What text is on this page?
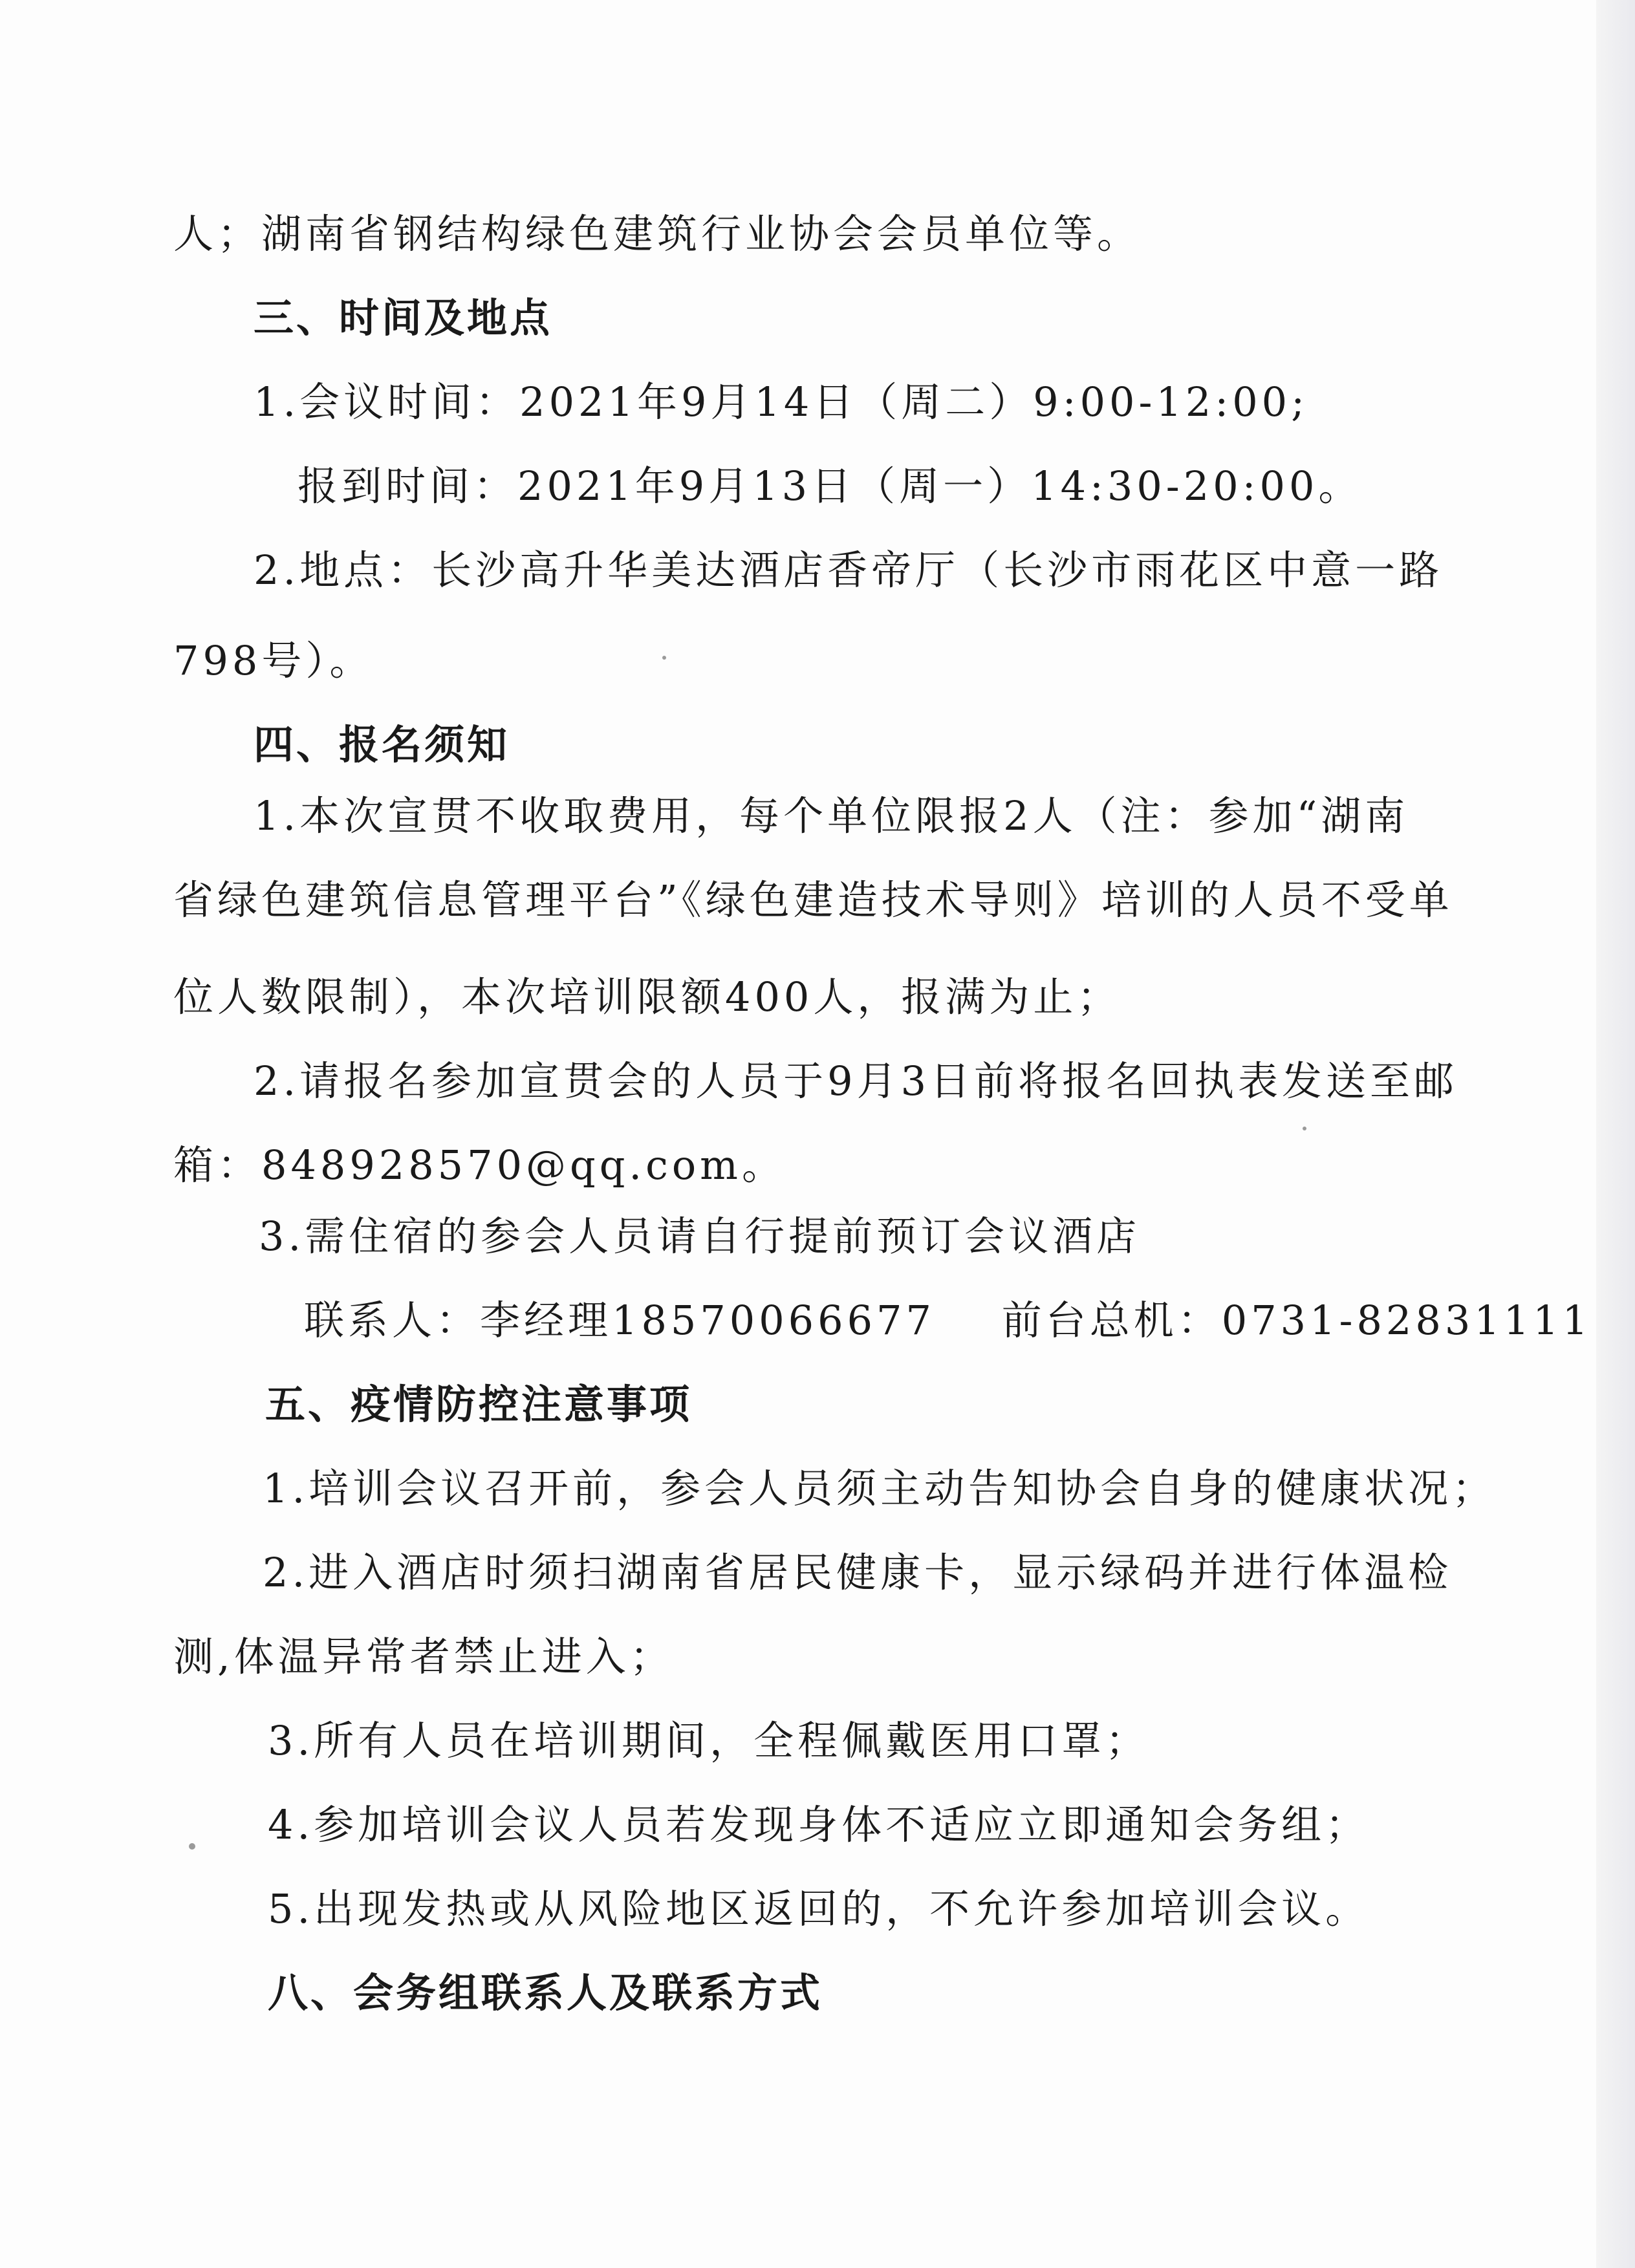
人；湖南省钢结构绿色建筑行业协会会员单位等。
三、时间及地点
1.会议时间：2021年9月14日（周二）9:00-12:00;
报到时间：2021年9月13日（周一）14:30-20:00。
2.地点：长沙高升华美达酒店香帝厅（长沙市雨花区中意一路
798号）。
四、报名须知
1.本次宣贯不收取费用，每个单位限报2人（注：参加“湖南
省绿色建筑信息管理平台”《绿色建造技术导则》培训的人员不受单
位人数限制），本次培训限额400人，报满为止；
2.请报名参加宣贯会的人员于9月3日前将报名回执表发送至邮
箱：848928570@qq.com。
3.需住宿的参会人员请自行提前预订会议酒店
联系人：李经理18570066677    前台总机：0731-82831111
五、疫情防控注意事项
1.培训会议召开前，参会人员须主动告知协会自身的健康状况；
2.进入酒店时须扫湖南省居民健康卡，显示绿码并进行体温检
测,体温异常者禁止进入；
3.所有人员在培训期间，全程佩戴医用口罩；
4.参加培训会议人员若发现身体不适应立即通知会务组；
5.出现发热或从风险地区返回的，不允许参加培训会议。
八、会务组联系人及联系方式
